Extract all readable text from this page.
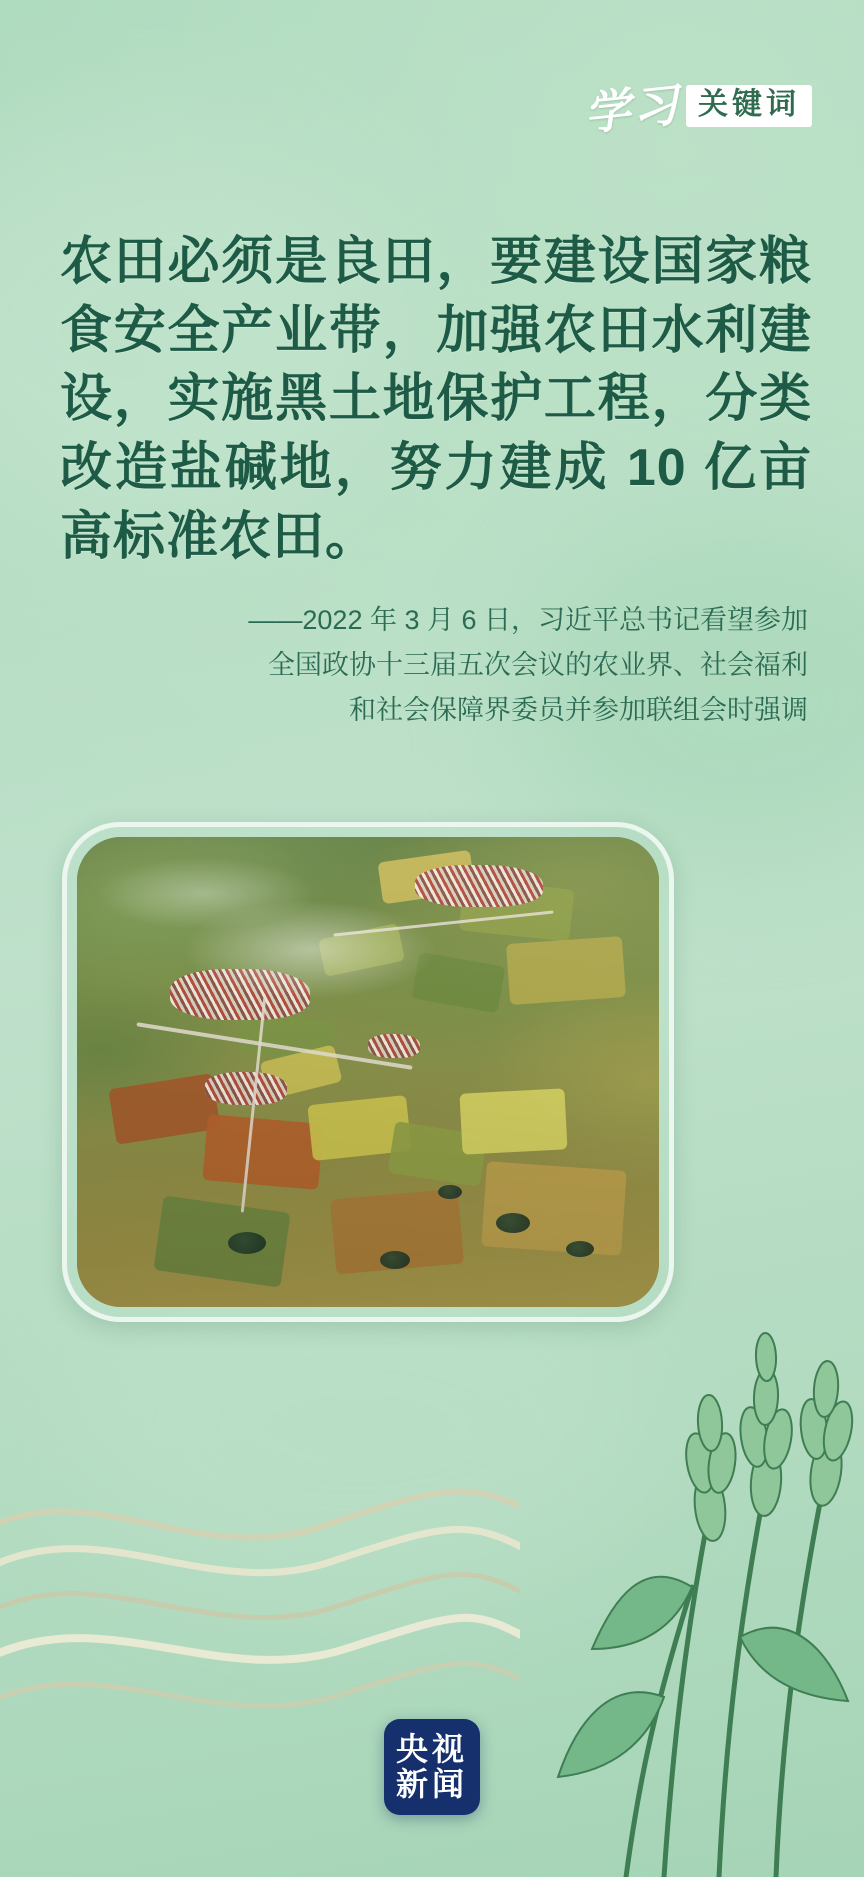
学习 关键词
农田必须是良田，要建设国家粮食安全产业带，加强农田水利建设，实施黑土地保护工程，分类改造盐碱地，努力建成 10 亿亩高标准农田。
——2022 年 3 月 6 日，习近平总书记看望参加
全国政协十三届五次会议的农业界、社会福利
和社会保障界委员并参加联组会时强调
央视
新闻
